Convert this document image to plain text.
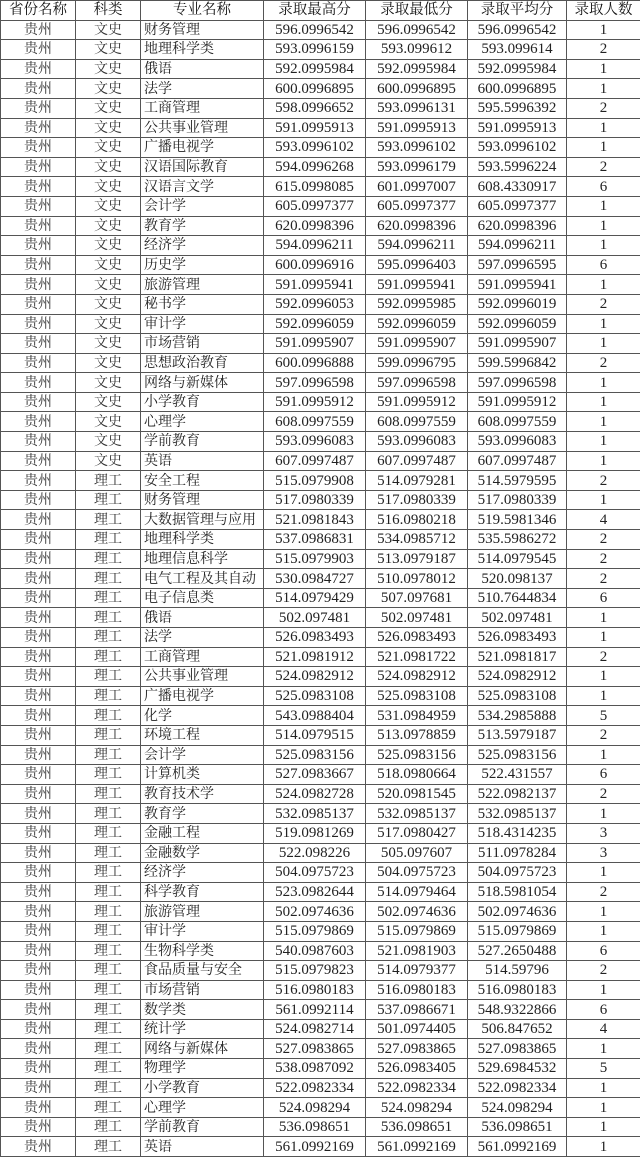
省份名称	科类	专业名称	录取最高分	录取最低分	录取平均分	录取人数
贵州	文史	财务管理	596.0996542	596.0996542	596.0996542	1
贵州	文史	地理科学类	593.0996159	593.099612	593.099614	2
贵州	文史	俄语	592.0995984	592.0995984	592.0995984	1
贵州	文史	法学	600.0996895	600.0996895	600.0996895	1
贵州	文史	工商管理	598.0996652	593.0996131	595.5996392	2
贵州	文史	公共事业管理	591.0995913	591.0995913	591.0995913	1
贵州	文史	广播电视学	593.0996102	593.0996102	593.0996102	1
贵州	文史	汉语国际教育	594.0996268	593.0996179	593.5996224	2
贵州	文史	汉语言文学	615.0998085	601.0997007	608.4330917	6
贵州	文史	会计学	605.0997377	605.0997377	605.0997377	1
贵州	文史	教育学	620.0998396	620.0998396	620.0998396	1
贵州	文史	经济学	594.0996211	594.0996211	594.0996211	1
贵州	文史	历史学	600.0996916	595.0996403	597.0996595	6
贵州	文史	旅游管理	591.0995941	591.0995941	591.0995941	1
贵州	文史	秘书学	592.0996053	592.0995985	592.0996019	2
贵州	文史	审计学	592.0996059	592.0996059	592.0996059	1
贵州	文史	市场营销	591.0995907	591.0995907	591.0995907	1
贵州	文史	思想政治教育	600.0996888	599.0996795	599.5996842	2
贵州	文史	网络与新媒体	597.0996598	597.0996598	597.0996598	1
贵州	文史	小学教育	591.0995912	591.0995912	591.0995912	1
贵州	文史	心理学	608.0997559	608.0997559	608.0997559	1
贵州	文史	学前教育	593.0996083	593.0996083	593.0996083	1
贵州	文史	英语	607.0997487	607.0997487	607.0997487	1
贵州	理工	安全工程	515.0979908	514.0979281	514.5979595	2
贵州	理工	财务管理	517.0980339	517.0980339	517.0980339	1
贵州	理工	大数据管理与应用	521.0981843	516.0980218	519.5981346	4
贵州	理工	地理科学类	537.0986831	534.0985712	535.5986272	2
贵州	理工	地理信息科学	515.0979903	513.0979187	514.0979545	2
贵州	理工	电气工程及其自动	530.0984727	510.0978012	520.098137	2
贵州	理工	电子信息类	514.0979429	507.097681	510.7644834	6
贵州	理工	俄语	502.097481	502.097481	502.097481	1
贵州	理工	法学	526.0983493	526.0983493	526.0983493	1
贵州	理工	工商管理	521.0981912	521.0981722	521.0981817	2
贵州	理工	公共事业管理	524.0982912	524.0982912	524.0982912	1
贵州	理工	广播电视学	525.0983108	525.0983108	525.0983108	1
贵州	理工	化学	543.0988404	531.0984959	534.2985888	5
贵州	理工	环境工程	514.0979515	513.0978859	513.5979187	2
贵州	理工	会计学	525.0983156	525.0983156	525.0983156	1
贵州	理工	计算机类	527.0983667	518.0980664	522.431557	6
贵州	理工	教育技术学	524.0982728	520.0981545	522.0982137	2
贵州	理工	教育学	532.0985137	532.0985137	532.0985137	1
贵州	理工	金融工程	519.0981269	517.0980427	518.4314235	3
贵州	理工	金融数学	522.098226	505.097607	511.0978284	3
贵州	理工	经济学	504.0975723	504.0975723	504.0975723	1
贵州	理工	科学教育	523.0982644	514.0979464	518.5981054	2
贵州	理工	旅游管理	502.0974636	502.0974636	502.0974636	1
贵州	理工	审计学	515.0979869	515.0979869	515.0979869	1
贵州	理工	生物科学类	540.0987603	521.0981903	527.2650488	6
贵州	理工	食品质量与安全	515.0979823	514.0979377	514.59796	2
贵州	理工	市场营销	516.0980183	516.0980183	516.0980183	1
贵州	理工	数学类	561.0992114	537.0986671	548.9322866	6
贵州	理工	统计学	524.0982714	501.0974405	506.847652	4
贵州	理工	网络与新媒体	527.0983865	527.0983865	527.0983865	1
贵州	理工	物理学	538.0987092	526.0983405	529.6984532	5
贵州	理工	小学教育	522.0982334	522.0982334	522.0982334	1
贵州	理工	心理学	524.098294	524.098294	524.098294	1
贵州	理工	学前教育	536.098651	536.098651	536.098651	1
贵州	理工	英语	561.0992169	561.0992169	561.0992169	1
